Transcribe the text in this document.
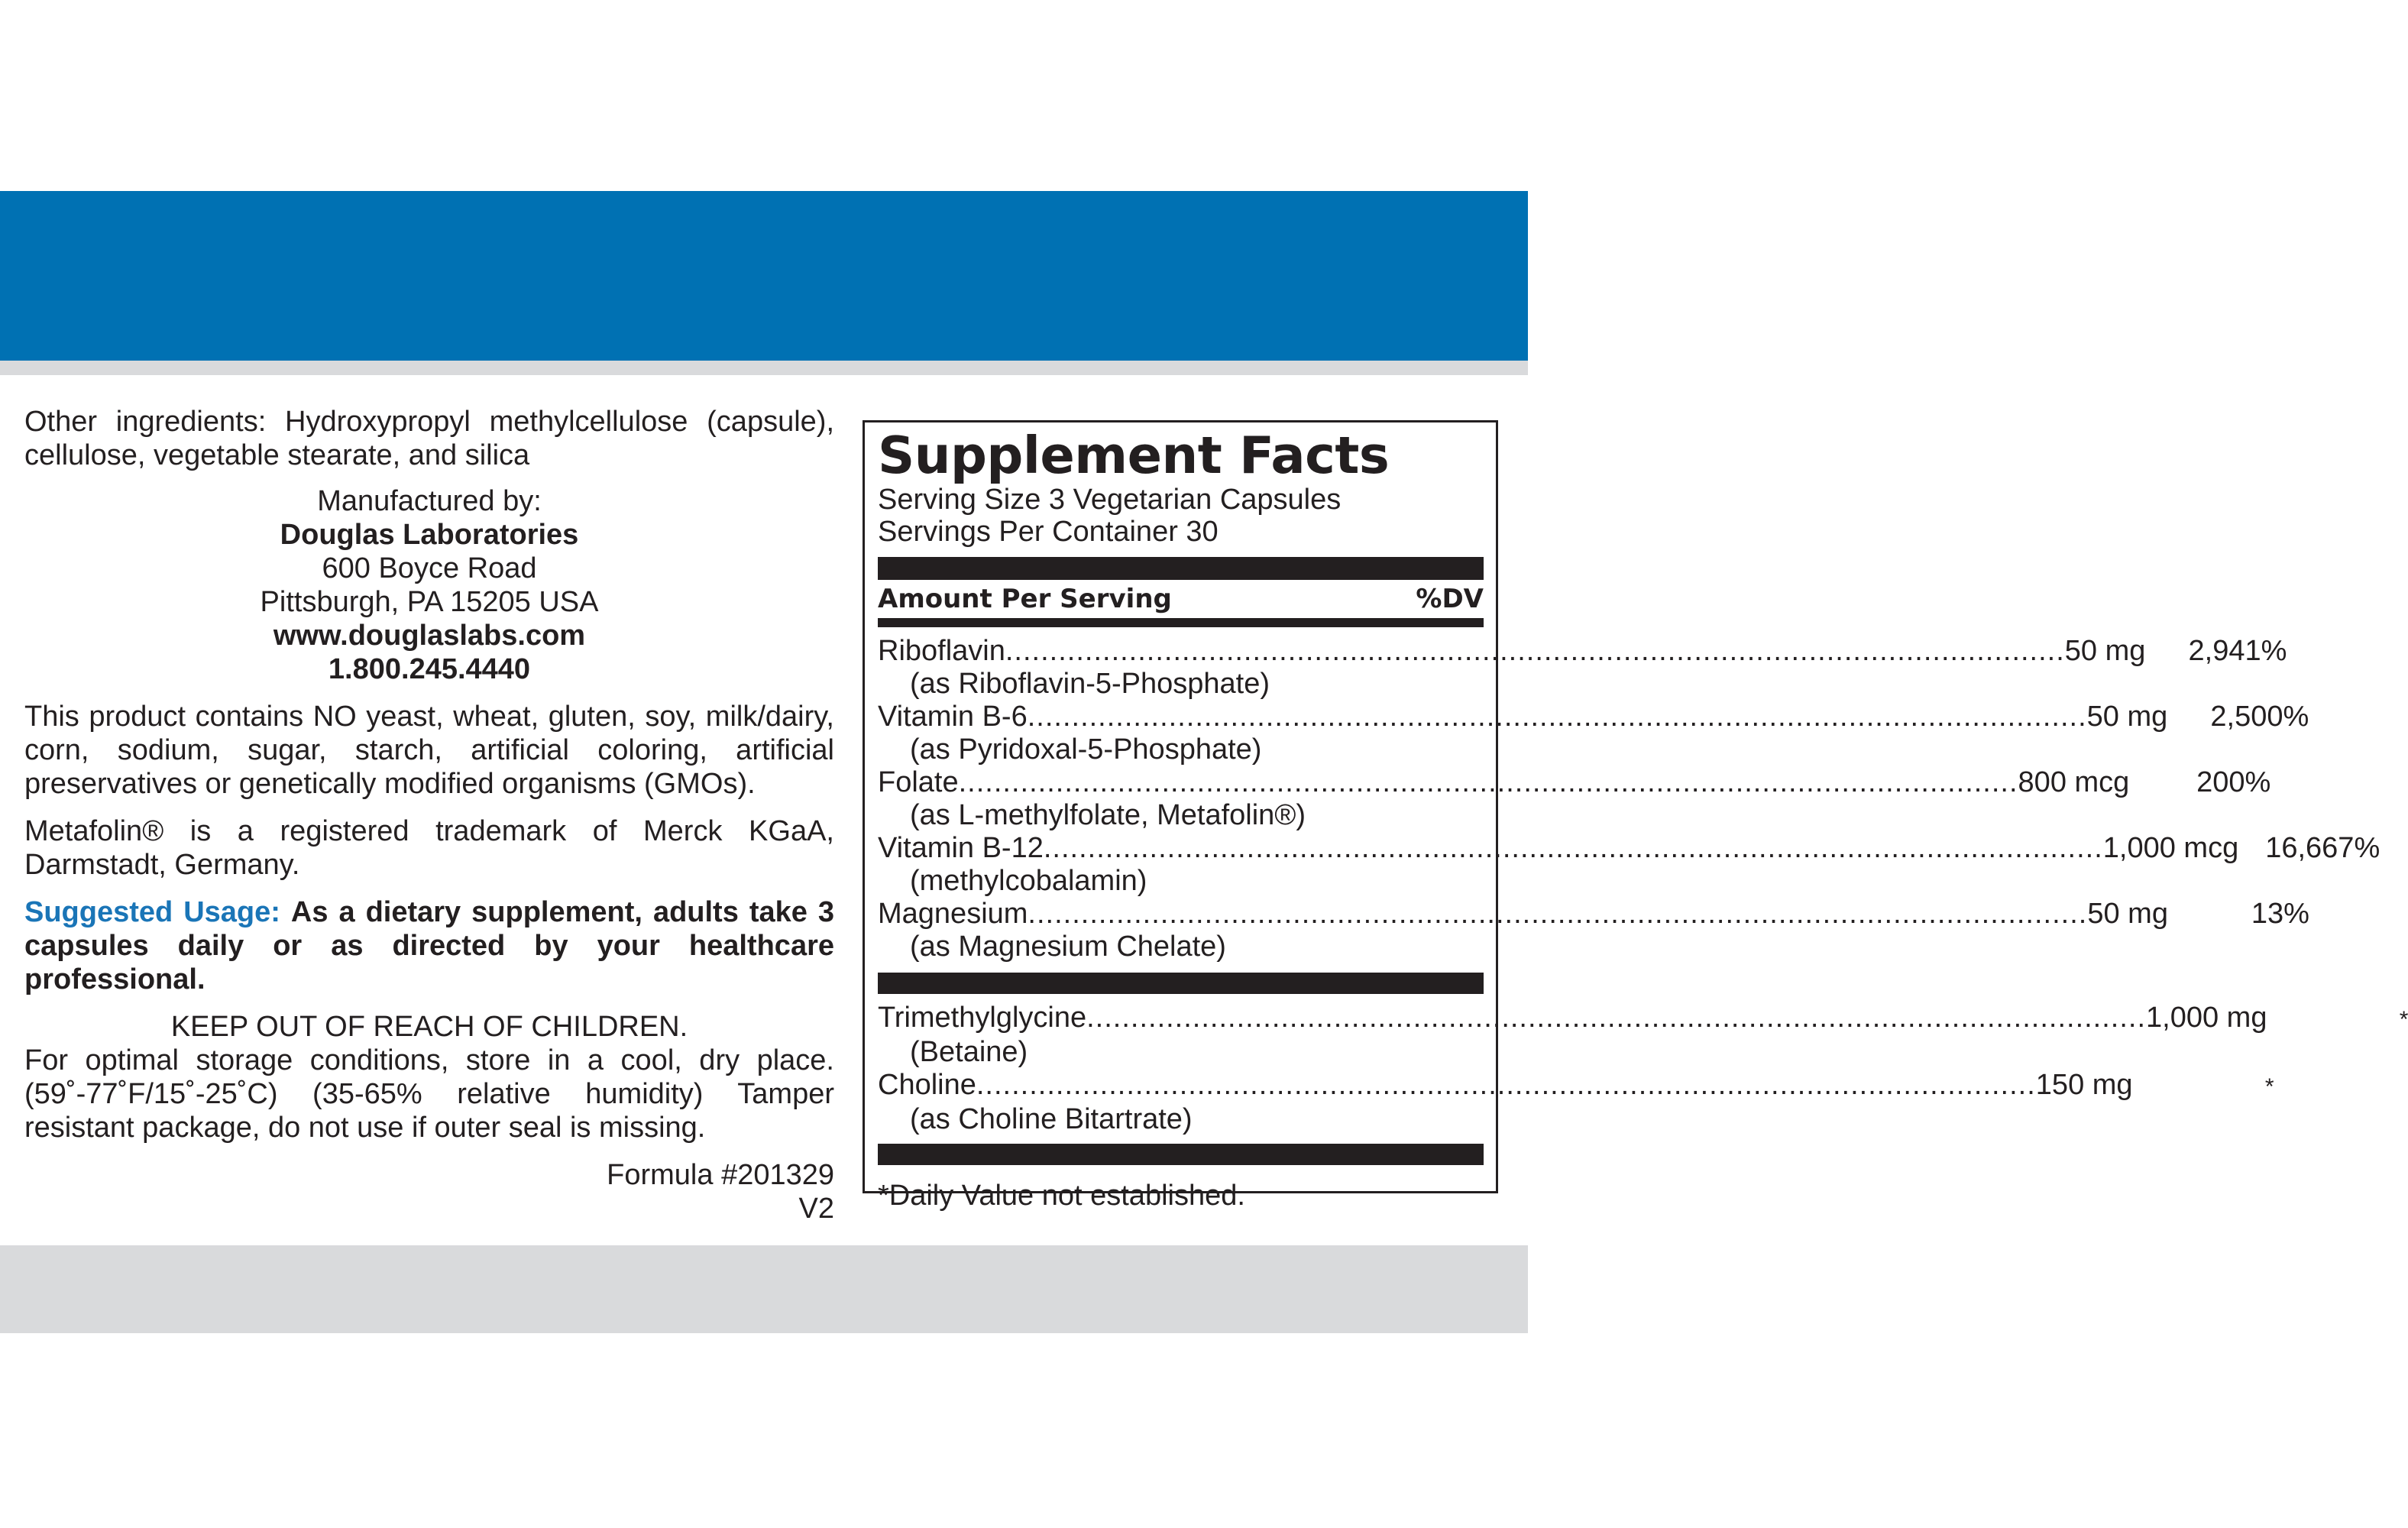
Other ingredients: Hydroxypropyl methylcellulose (capsule), cellulose, vegetable stearate, and silica

Manufactured by:

Douglas Laboratories

600 Boyce Road

Pittsburgh, PA 15205 USA

www.douglaslabs.com

1.800.245.4440

This product contains NO yeast, wheat, gluten, soy, milk/dairy, corn, sodium, sugar, starch, artificial coloring, artificial preservatives or genetically modified organisms (GMOs).

Metafolin® is a registered trademark of Merck KGaA, Darmstadt, Germany.

Suggested Usage: As a dietary supplement, adults take 3 capsules daily or as directed by your healthcare professional.

KEEP OUT OF REACH OF CHILDREN.

For optimal storage conditions, store in a cool, dry place. (59˚-77˚F/15˚-25˚C) (35-65% relative humidity) Tamper resistant package, do not use if outer seal is missing.

Formula #201329

V2

Supplement Facts
Serving Size 3 Vegetarian Capsules
Servings Per Container 30
Amount Per Serving	%DV
Riboflavin ........................................................................................................................ 50 mg	2,941%
(as Riboflavin-5-Phosphate)
Vitamin B-6 ........................................................................................................................ 50 mg	2,500%
(as Pyridoxal-5-Phosphate)
Folate ........................................................................................................................ 800 mcg	200%
(as L-methylfolate, Metafolin®)
Vitamin B-12 ........................................................................................................................ 1,000 mcg 16,667%
(methylcobalamin)
Magnesium ........................................................................................................................ 50 mg	13%
(as Magnesium Chelate)
Trimethylglycine ........................................................................................................................ 1,000 mg	*
(Betaine)
Choline ........................................................................................................................ 150 mg	*
(as Choline Bitartrate)
*Daily Value not established.
